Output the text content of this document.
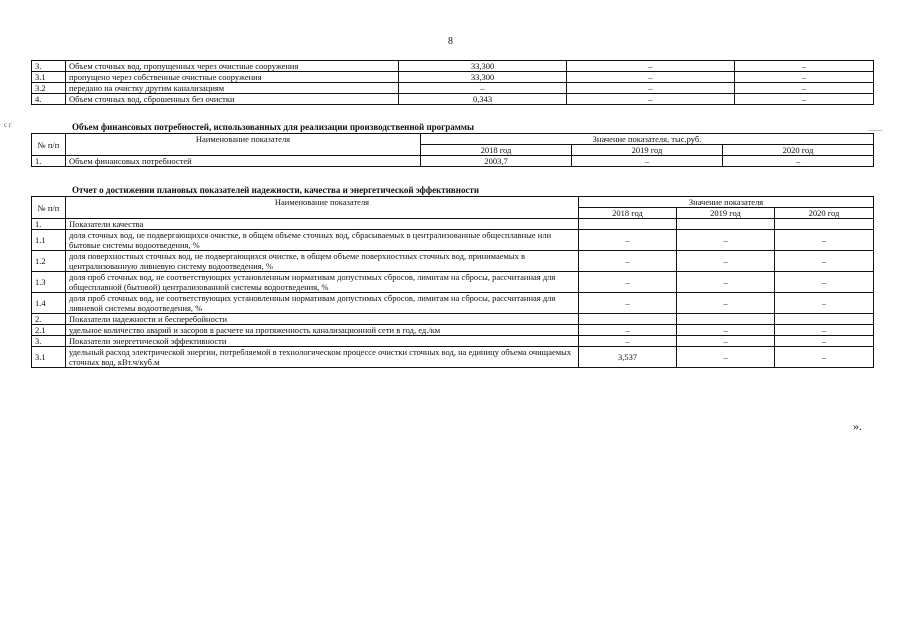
8
с г
——
3.	Объем сточных вод, пропущенных через очистные сооружения	33,300	–	–
3.1	пропущено через собственные очистные сооружения	33,300	–	–
3.2	передано на очистку другим канализациям	–	–	–
4.	Объем сточных вод, сброшенных без очистки	0,343	–	–
Объем финансовых потребностей, использованных для реализации производственной программы
№ п/п	Наименование показателя	Значение показателя, тыс.руб.		
		2018 год	2019 год	2020 год
1.	Объем финансовых потребностей	2003,7	–	–
Отчет о достижении плановых показателей надежности, качества и энергетической эффективности
№ п/п	Наименование показателя	Значение показателя		
		2018 год	2019 год	2020 год
1.	Показатели качества			
1.1	доля сточных вод, не подвергающихся очистке, в общем объеме сточных вод, сбрасываемых в централизованные общесплавные или бытовые системы водоотведения, %	–	–	–
1.2	доля поверхностных сточных вод, не подвергающихся очистке, в общем объеме поверхностных сточных вод, принимаемых в централизованную ливневую систему водоотведения, %	–	–	–
1.3	доля проб сточных вод, не соответствующих установленным нормативам допустимых сбросов, лимитам на сбросы, рассчитанная для общесплавной (бытовой) централизованной системы водоотведения, %	–	–	–
1.4	доля проб сточных вод, не соответствующих установленным нормативам допустимых сбросов, лимитам на сбросы, рассчитанная для ливневой системы водоотведения, %	–	–	–
2.	Показатели надежности и бесперебойности			
2.1	удельное количество аварий и засоров в расчете на протяженность канализационной сети в год, ед./км	–	–	–
3.	Показатели энергетической эффективности	–	–	–
3.1	удельный расход электрической энергии, потребляемой в технологическом процессе очистки сточных вод, на единицу объема очищаемых сточных вод, кВт.ч/куб.м	3,537	–	–
».
